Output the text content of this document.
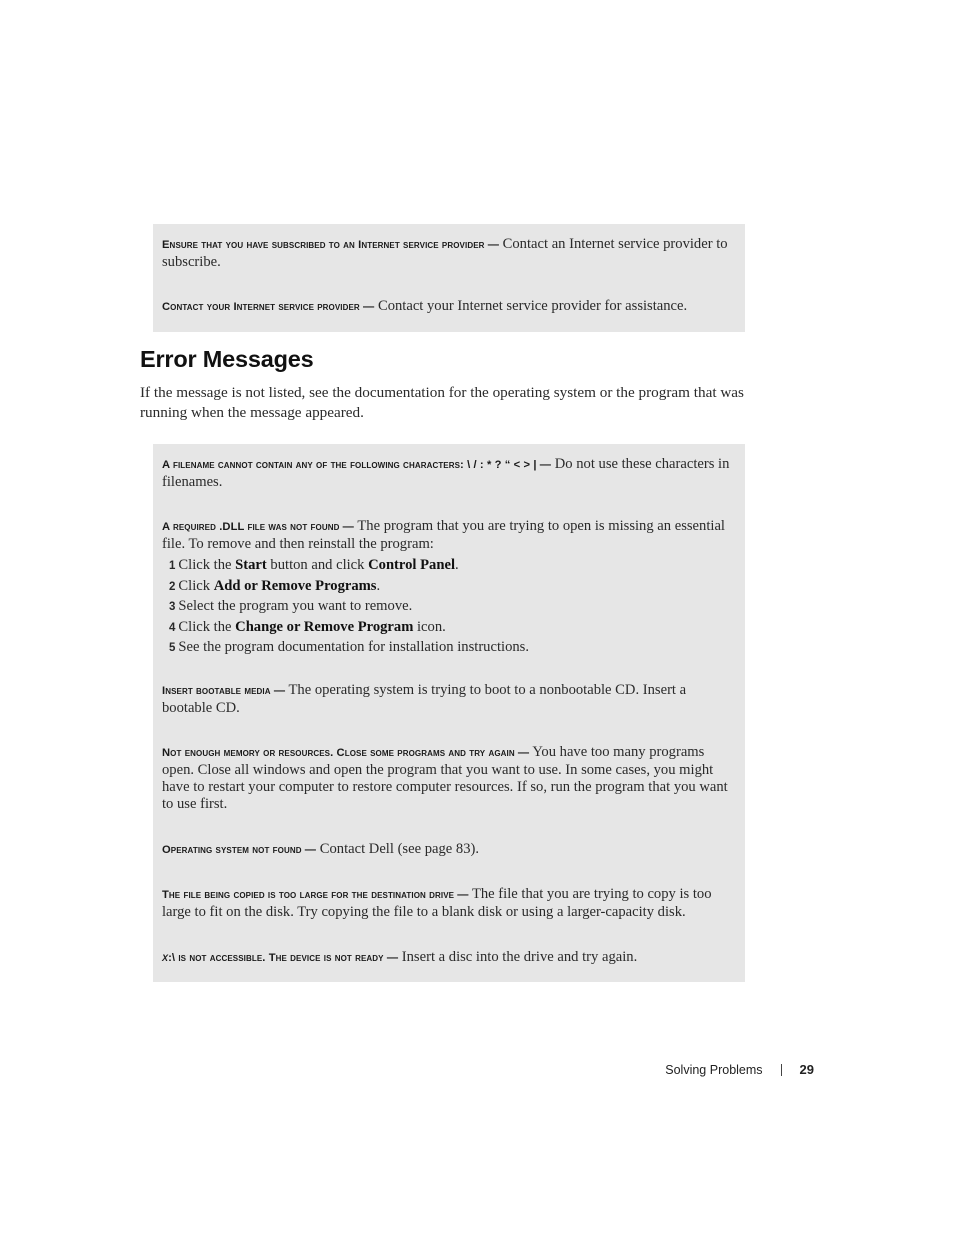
Ensure that you have subscribed to an Internet service provider — Contact an Internet service provider to subscribe.
Contact your Internet service provider — Contact your Internet service provider for assistance.
Error Messages

If the message is not listed, see the documentation for the operating system or the program that was running when the message appeared.

A filename cannot contain any of the following characters: \ / : * ? “ < > | — Do not use these characters in filenames.
A required .DLL file was not found — The program that you are trying to open is missing an essential file. To remove and then reinstall the program:
1 Click the Start button and click Control Panel.
2 Click Add or Remove Programs.
3 Select the program you want to remove.
4 Click the Change or Remove Program icon.
5 See the program documentation for installation instructions.
Insert bootable media — The operating system is trying to boot to a nonbootable CD. Insert a bootable CD.
Not enough memory or resources. Close some programs and try again — You have too many programs open. Close all windows and open the program that you want to use. In some cases, you might have to restart your computer to restore computer resources. If so, run the program that you want to use first.
Operating system not found — Contact Dell (see page 83).
The file being copied is too large for the destination drive — The file that you are trying to copy is too large to fit on the disk. Try copying the file to a blank disk or using a larger-capacity disk.
x:\ is not accessible. The device is not ready — Insert a disc into the drive and try again.
Solving Problems	29
